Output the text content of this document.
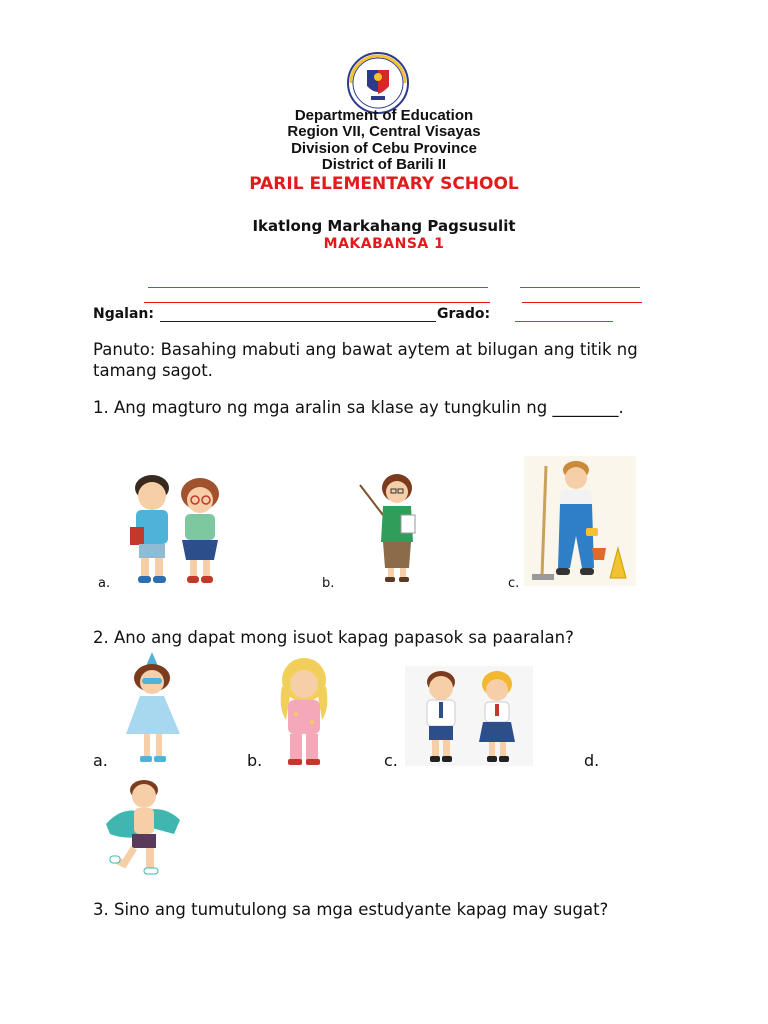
Department of Education
Region VII, Central Visayas
Division of Cebu Province
District of Barili II
PARIL ELEMENTARY SCHOOL
Ikatlong Markahang Pagsusulit
MAKABANSA 1
Ngalan:	Grado:
Panuto: Basahing mabuti ang bawat aytem at bilugan ang titik ng tamang sagot.
1. Ang magturo ng mga aralin sa klase ay tungkulin ng ________.
a.	b.	c.
2. Ano ang dapat mong isuot kapag papasok sa paaralan?
a.	b.	c.	d.
3. Sino ang tumutulong sa mga estudyante kapag may sugat?
